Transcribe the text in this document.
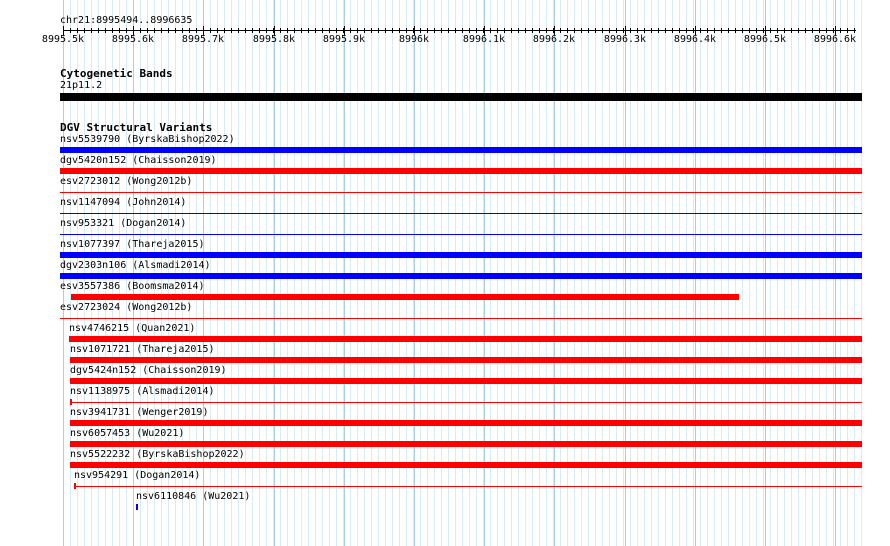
chr21:8995494..8996635
8995.5k	8995.6k	8995.7k	8995.8k	8995.9k	8996k	8996.1k	8996.2k	8996.3k	8996.4k	8996.5k	8996.6k
Cytogenetic Bands
21p11.2
DGV Structural Variants
nsv5539790 (ByrskaBishop2022)
dgv5420n152 (Chaisson2019)
esv2723012 (Wong2012b)
nsv1147094 (John2014)
nsv953321 (Dogan2014)
nsv1077397 (Thareja2015)
dgv2303n106 (Alsmadi2014)
esv3557386 (Boomsma2014)
esv2723024 (Wong2012b)
nsv4746215 (Quan2021)
nsv1071721 (Thareja2015)
dgv5424n152 (Chaisson2019)
nsv1138975 (Alsmadi2014)
nsv3941731 (Wenger2019)
nsv6057453 (Wu2021)
nsv5522232 (ByrskaBishop2022)
nsv954291 (Dogan2014)
nsv6110846 (Wu2021)
